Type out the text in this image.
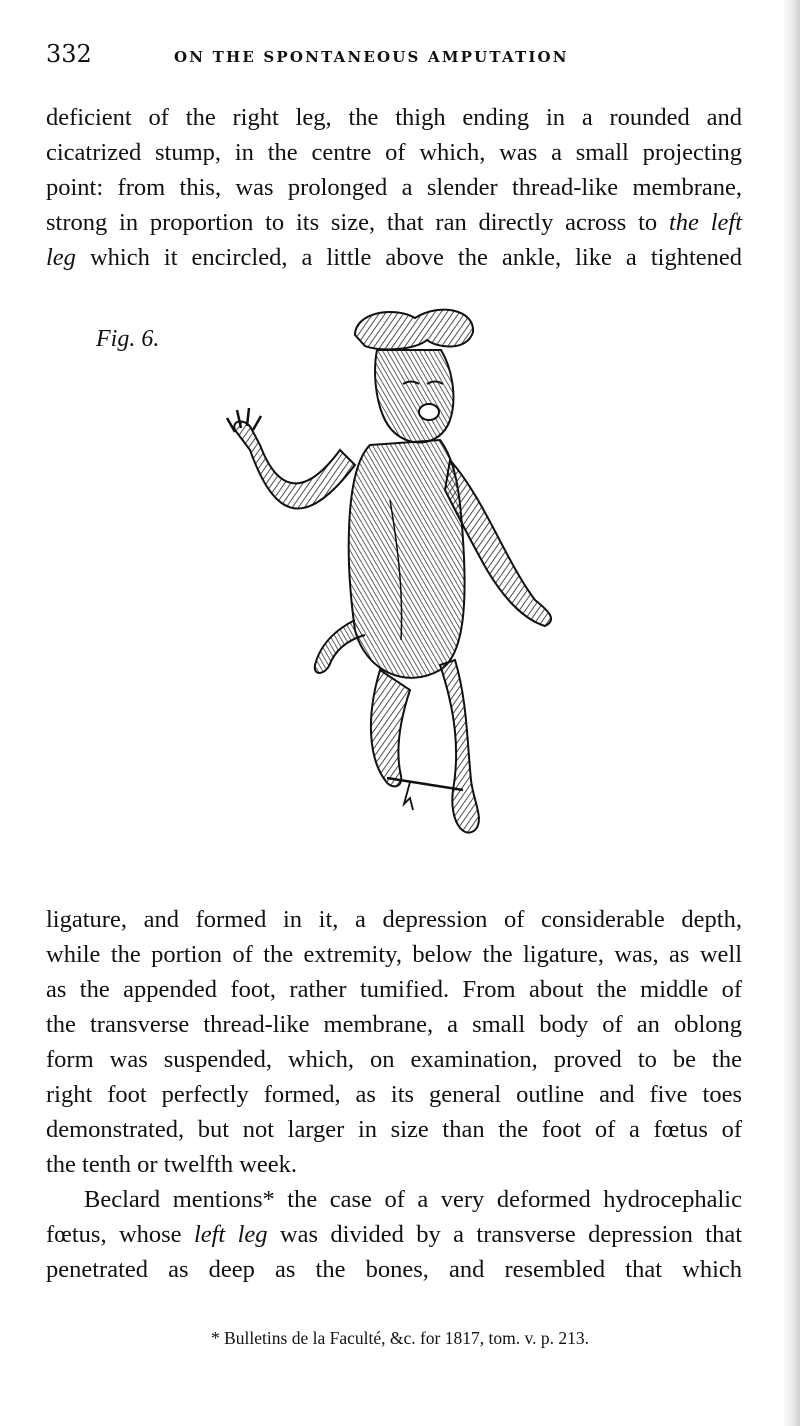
332	ON THE SPONTANEOUS AMPUTATION

deficient of the right leg, the thigh ending in a rounded and
cicatrized stump, in the centre of which, was a small projecting
point: from this, was prolonged a slender thread-like membrane,
strong in proportion to its size, that ran directly across to the left
leg which it encircled, a little above the ankle, like a tightened

Fig. 6.

ligature, and formed in it, a depression of considerable depth,
while the portion of the extremity, below the ligature, was, as well
as the appended foot, rather tumified. From about the middle of
the transverse thread-like membrane, a small body of an oblong
form was suspended, which, on examination, proved to be the
right foot perfectly formed, as its general outline and five toes
demonstrated, but not larger in size than the foot of a fœtus of
the tenth or twelfth week.

Beclard mentions* the case of a very deformed hydrocephalic
fœtus, whose left leg was divided by a transverse depression that
penetrated as deep as the bones, and resembled that which

* Bulletins de la Faculté, &c. for 1817, tom. v. p. 213.
